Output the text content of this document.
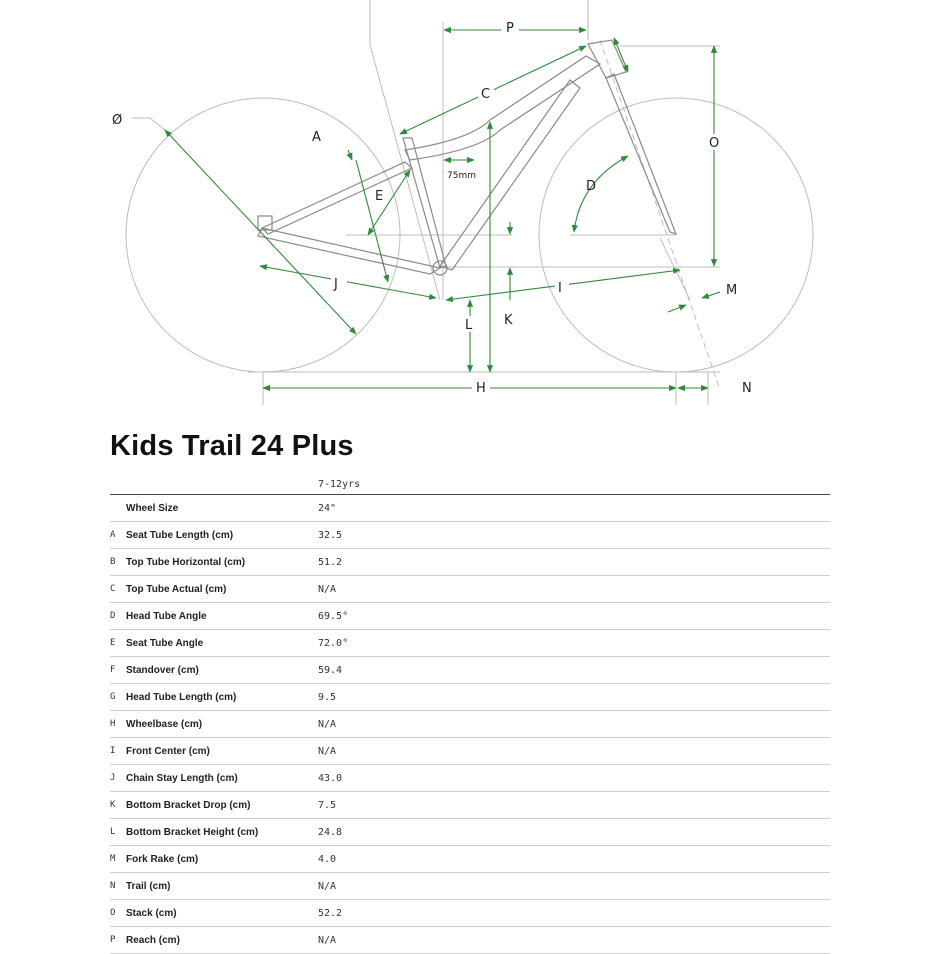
P
C
A
E
O
D
M
J	I
L K
H	N
Ø
75mm
Kids Trail 24 Plus
		7-12yrs
	Wheel Size	24"
A	Seat Tube Length (cm)	32.5
B	Top Tube Horizontal (cm)	51.2
C	Top Tube Actual (cm)	N/A
D	Head Tube Angle	69.5°
E	Seat Tube Angle	72.0°
F	Standover (cm)	59.4
G	Head Tube Length (cm)	9.5
H	Wheelbase (cm)	N/A
I	Front Center (cm)	N/A
J	Chain Stay Length (cm)	43.0
K	Bottom Bracket Drop (cm)	7.5
L	Bottom Bracket Height (cm)	24.8
M	Fork Rake (cm)	4.0
N	Trail (cm)	N/A
O	Stack (cm)	52.2
P	Reach (cm)	N/A
